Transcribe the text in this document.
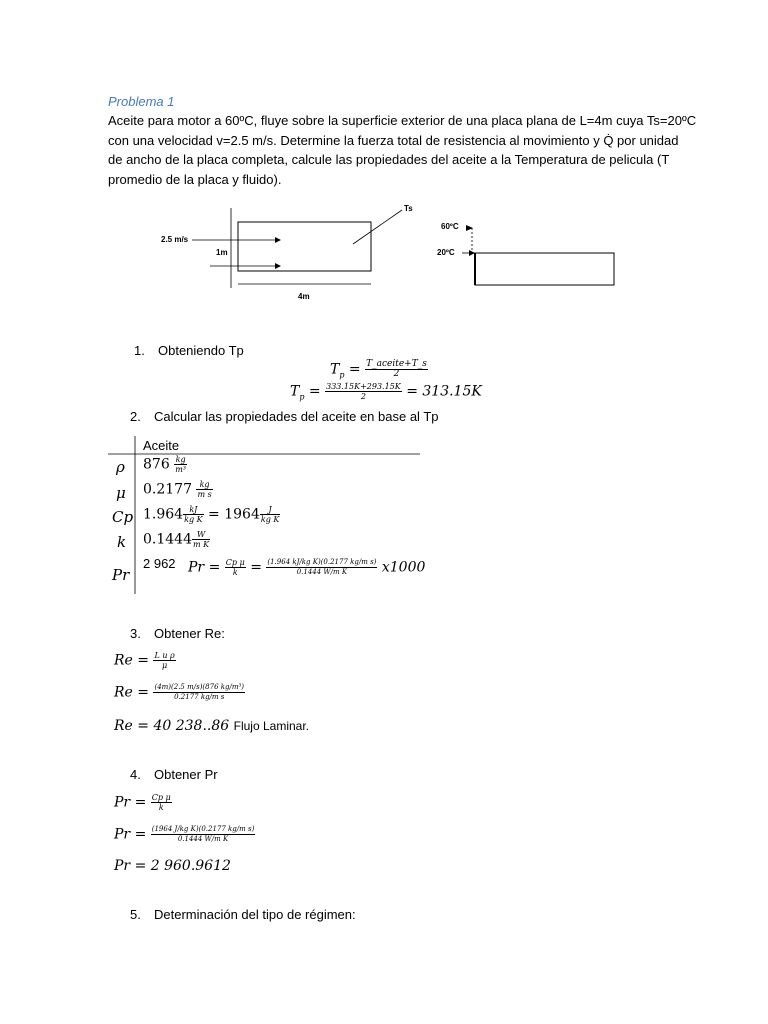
Problema 1
Aceite para motor a 60ºC, fluye sobre la superficie exterior de una placa plana de L=4m cuya Ts=20ºC
con una velocidad v=2.5 m/s. Determine la fuerza total de resistencia al movimiento y Q̇ por unidad
de ancho de la placa completa, calcule las propiedades del aceite a la Temperatura de pelicula (T
promedio de la placa y fluido).
2.5 m/s
1m
4m
Ts
60ºC
20ºC
1. Obteniendo Tp
$T_p = \frac{\text{T\_aceite+T\_s}}{2}$
$T_p = \frac{333.15K+293.15K}{2} = 313.15K$
2. Calcular las propiedades del aceite en base al Tp
Aceite
ρ $876 \frac{kg}{\text{m³}}$
μ $0.2177 \frac{kg}{\text{m s}}$
Cp $1.964 \frac{kJ}{\text{kg K}} = 1964 \frac{J}{\text{kg K}}$
k $0.1444 \frac{W}{\text{m K}}$
Pr
2 962 $Pr = \frac{\text{Cp μ}}{k} = \frac{\text{(1.964 kJ/kg K)(0.2177 kg/m s)}}{\text{0.1444 W/m K}} x1000$
3. Obtener Re:
$Re = \frac{\text{L u ρ}}{\mu}$
$Re = \frac{\text{(4m)(2.5 m/s)(876 kg/m³)}}{\text{0.2177 kg/m s}}$
Re = 40 238..86 Flujo Laminar.
4. Obtener Pr
$Pr = \frac{\text{Cp μ}}{k}$
$Pr = \frac{\text{(1964 J/kg K)(0.2177 kg/m s)}}{\text{0.1444 W/m K}}$
Pr = 2 960.9612
5. Determinación del tipo de régimen:
